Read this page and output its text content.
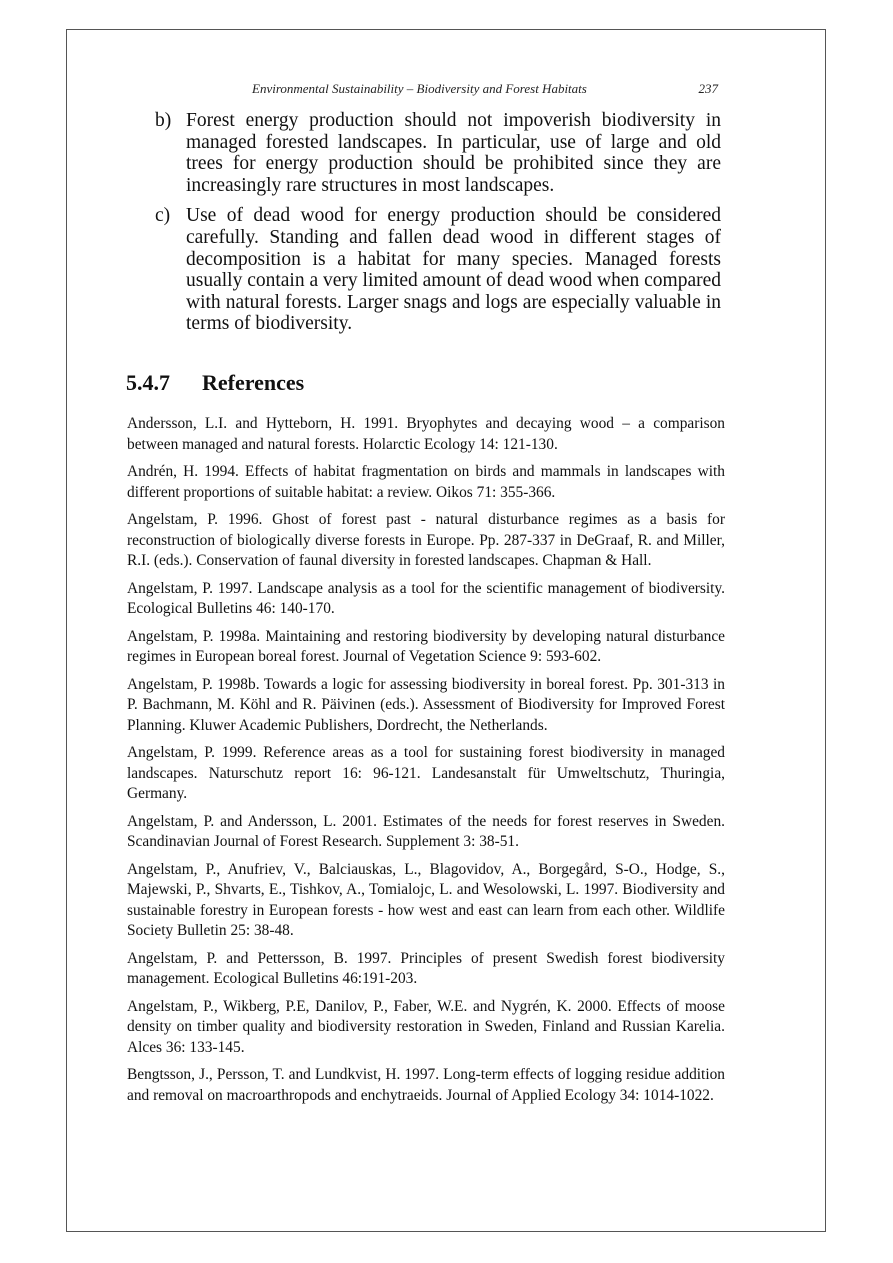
Environmental Sustainability – Biodiversity and Forest Habitats	237
b) Forest energy production should not impoverish biodiversity in managed forested landscapes. In particular, use of large and old trees for energy production should be prohibited since they are increasingly rare structures in most landscapes.
c) Use of dead wood for energy production should be considered carefully. Standing and fallen dead wood in different stages of decomposition is a habitat for many species. Managed forests usually contain a very limited amount of dead wood when compared with natural forests. Larger snags and logs are especially valuable in terms of biodiversity.
5.4.7 References

Andersson, L.I. and Hytteborn, H. 1991. Bryophytes and decaying wood – a comparison between managed and natural forests. Holarctic Ecology 14: 121-130.

Andrén, H. 1994. Effects of habitat fragmentation on birds and mammals in landscapes with different proportions of suitable habitat: a review. Oikos 71: 355-366.

Angelstam, P. 1996. Ghost of forest past - natural disturbance regimes as a basis for reconstruction of biologically diverse forests in Europe. Pp. 287-337 in DeGraaf, R. and Miller, R.I. (eds.). Conservation of faunal diversity in forested landscapes. Chapman & Hall.

Angelstam, P. 1997. Landscape analysis as a tool for the scientific management of biodiversity. Ecological Bulletins 46: 140-170.

Angelstam, P. 1998a. Maintaining and restoring biodiversity by developing natural disturbance regimes in European boreal forest. Journal of Vegetation Science 9: 593-602.

Angelstam, P. 1998b. Towards a logic for assessing biodiversity in boreal forest. Pp. 301-313 in P. Bachmann, M. Köhl and R. Päivinen (eds.). Assessment of Biodiversity for Improved Forest Planning. Kluwer Academic Publishers, Dordrecht, the Netherlands.

Angelstam, P. 1999. Reference areas as a tool for sustaining forest biodiversity in managed landscapes. Naturschutz report 16: 96-121. Landesanstalt für Umweltschutz, Thuringia, Germany.

Angelstam, P. and Andersson, L. 2001. Estimates of the needs for forest reserves in Sweden. Scandinavian Journal of Forest Research. Supplement 3: 38-51.

Angelstam, P., Anufriev, V., Balciauskas, L., Blagovidov, A., Borgegård, S-O., Hodge, S., Majewski, P., Shvarts, E., Tishkov, A., Tomialojc, L. and Wesolowski, L. 1997. Biodiversity and sustainable forestry in European forests - how west and east can learn from each other. Wildlife Society Bulletin 25: 38-48.

Angelstam, P. and Pettersson, B. 1997. Principles of present Swedish forest biodiversity management. Ecological Bulletins 46:191-203.

Angelstam, P., Wikberg, P.E, Danilov, P., Faber, W.E. and Nygrén, K. 2000. Effects of moose density on timber quality and biodiversity restoration in Sweden, Finland and Russian Karelia. Alces 36: 133-145.

Bengtsson, J., Persson, T. and Lundkvist, H. 1997. Long-term effects of logging residue addition and removal on macroarthropods and enchytraeids. Journal of Applied Ecology 34: 1014-1022.
